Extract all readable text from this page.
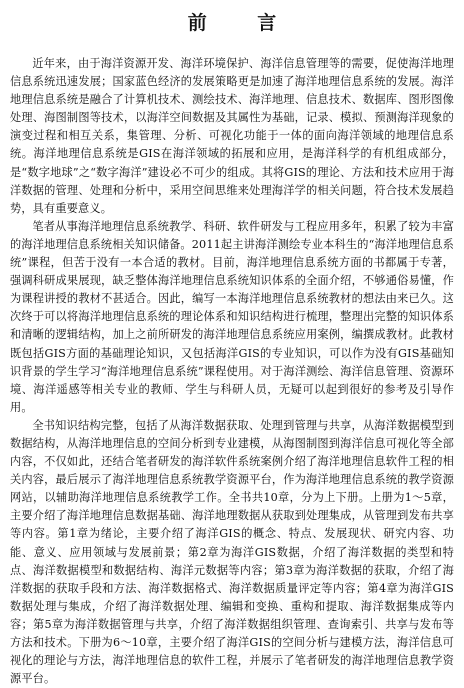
前 言

近年来，由于海洋资源开发、海洋环境保护、海洋信息管理等的需要，促使海洋地理信息系统迅速发展；国家蓝色经济的发展策略更是加速了海洋地理信息系统的发展。海洋地理信息系统是融合了计算机技术、测绘技术、海洋地理、信息技术、数据库、图形图像处理、海图制图等技术，以海洋空间数据及其属性为基础，记录、模拟、预测海洋现象的演变过程和相互关系，集管理、分析、可视化功能于一体的面向海洋领域的地理信息系统。海洋地理信息系统是GIS在海洋领域的拓展和应用，是海洋科学的有机组成部分，是“数字地球”之“数字海洋”建设必不可少的组成。其将GIS的理论、方法和技术应用于海洋数据的管理、处理和分析中，采用空间思维来处理海洋学的相关问题，符合技术发展趋势，具有重要意义。

笔者从事海洋地理信息系统教学、科研、软件研发与工程应用多年，积累了较为丰富的海洋地理信息系统相关知识储备。2011起主讲海洋测绘专业本科生的“海洋地理信息系统”课程，但苦于没有一本合适的教材。目前，海洋地理信息系统方面的书都属于专著，强调科研成果展现，缺乏整体海洋地理信息系统知识体系的全面介绍，不够通俗易懂，作为课程讲授的教材不甚适合。因此，编写一本海洋地理信息系统教材的想法由来已久。这次终于可以将海洋地理信息系统的理论体系和知识结构进行梳理，整理出完整的知识体系和清晰的逻辑结构，加上之前所研发的海洋地理信息系统应用案例，编撰成教材。此教材既包括GIS方面的基础理论知识，又包括海洋GIS的专业知识，可以作为没有GIS基础知识背景的学生学习“海洋地理信息系统”课程使用。对于海洋测绘、海洋信息管理、资源环境、海洋遥感等相关专业的教师、学生与科研人员，无疑可以起到很好的参考及引导作用。

全书知识结构完整，包括了从海洋数据获取、处理到管理与共享，从海洋数据模型到数据结构，从海洋地理信息的空间分析到专业建模，从海图制图到海洋信息可视化等全部内容，不仅如此，还结合笔者研发的海洋软件系统案例介绍了海洋地理信息软件工程的相关内容，最后展示了海洋地理信息系统教学资源平台，作为海洋地理信息系统的教学资源网站，以辅助海洋地理信息系统教学工作。全书共10章，分为上下册。上册为1～5章，主要介绍了海洋地理信息数据基础、海洋地理数据从获取到处理集成，从管理到发布共享等内容。第1章为绪论，主要介绍了海洋GIS的概念、特点、发展现状、研究内容、功能、意义、应用领域与发展前景；第2章为海洋GIS数据，介绍了海洋数据的类型和特点、海洋数据模型和数据结构、海洋元数据等内容；第3章为海洋数据的获取，介绍了海洋数据的获取手段和方法、海洋数据格式、海洋数据质量评定等内容；第4章为海洋GIS数据处理与集成，介绍了海洋数据处理、编辑和变换、重构和提取、海洋数据集成等内容；第5章为海洋数据管理与共享，介绍了海洋数据组织管理、查询索引、共享与发布等方法和技术。下册为6～10章，主要介绍了海洋GIS的空间分析与建模方法，海洋信息可视化的理论与方法，海洋地理信息的软件工程，并展示了笔者研发的海洋地理信息教学资源平台。
